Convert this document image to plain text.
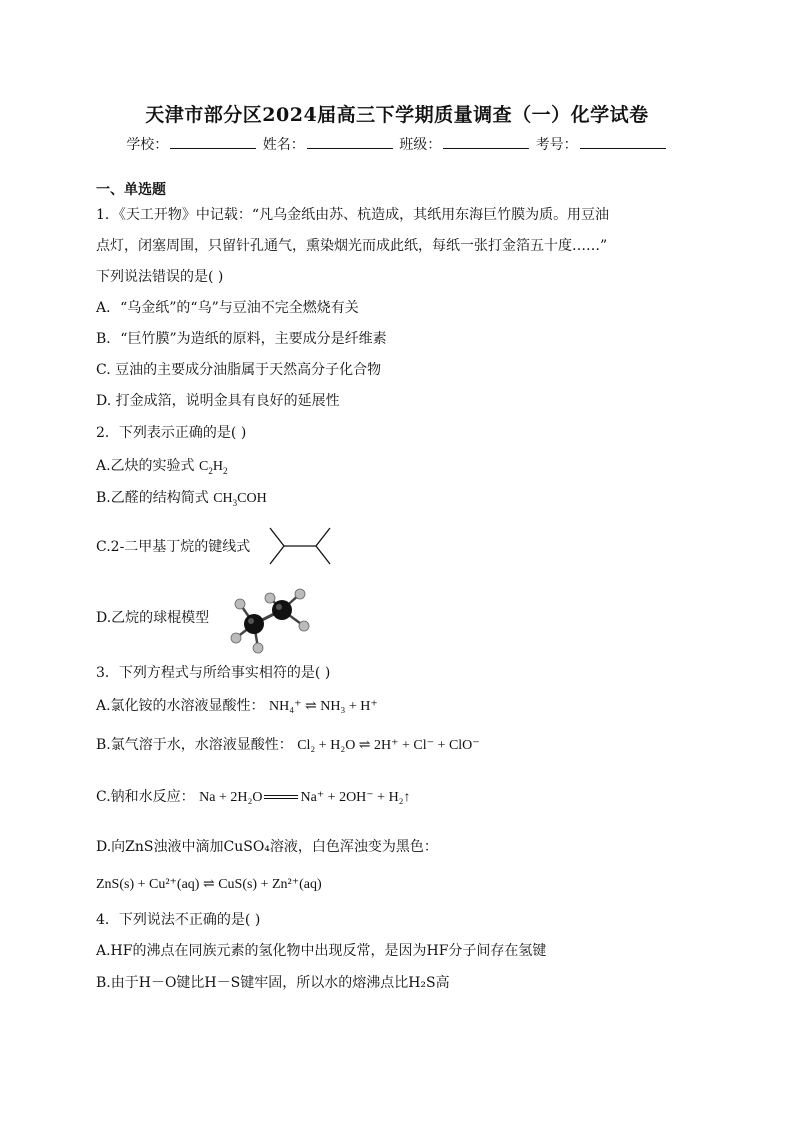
天津市部分区2024届高三下学期质量调查（一）化学试卷
学校：	姓名：	班级：	考号：
一、单选题
1．《天工开物》中记载：“凡乌金纸由苏、杭造成，其纸用东海巨竹膜为质。用豆油
点灯，闭塞周围，只留针孔通气，熏染烟光而成此纸，每纸一张打金箔五十度……”
下列说法错误的是( )
A．“乌金纸”的“乌”与豆油不完全燃烧有关
B．“巨竹膜”为造纸的原料，主要成分是纤维素
C. 豆油的主要成分油脂属于天然高分子化合物
D. 打金成箔，说明金具有良好的延展性
2．下列表示正确的是( )
A.乙炔的实验式 $C_2H_2$
B.乙醛的结构简式 $CH_3COH$
C.2-二甲基丁烷的键线式
D.乙烷的球棍模型
3．下列方程式与所给事实相符的是( )
A.氯化铵的水溶液显酸性： NH₄⁺ ⇌ NH₃ + H⁺
B.氯气溶于水，水溶液显酸性： Cl₂ + H₂O ⇌ 2H⁺ + Cl⁻ + ClO⁻
C.钠和水反应： Na + 2H₂O	Na⁺ + 2OH⁻ + H₂↑
D.向ZnS浊液中滴加CuSO₄溶液，白色浑浊变为黑色：
ZnS(s) + Cu²⁺(aq) ⇌ CuS(s) + Zn²⁺(aq)
4．下列说法不正确的是( )
A.HF的沸点在同族元素的氢化物中出现反常，是因为HF分子间存在氢键
B.由于H－O键比H－S键牢固，所以水的熔沸点比H₂S高
